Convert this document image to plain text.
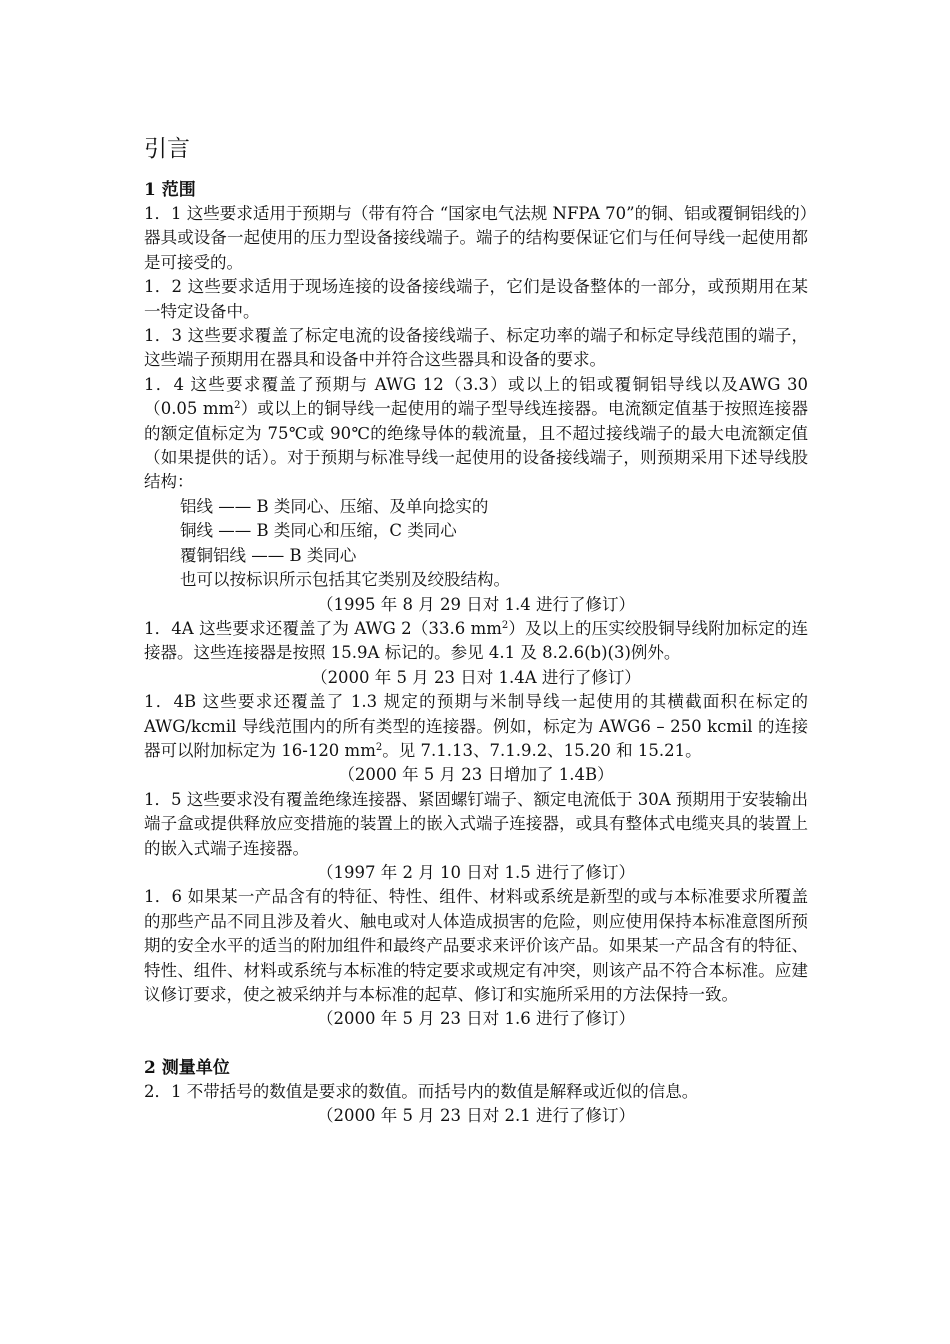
引言
1 范围

1．1 这些要求适用于预期与（带有符合 “国家电气法规 NFPA 70”的铜、铝或覆铜铝线的）器具或设备一起使用的压力型设备接线端子。端子的结构要保证它们与任何导线一起使用都是可接受的。

1．2 这些要求适用于现场连接的设备接线端子，它们是设备整体的一部分，或预期用在某一特定设备中。

1．3 这些要求覆盖了标定电流的设备接线端子、标定功率的端子和标定导线范围的端子，这些端子预期用在器具和设备中并符合这些器具和设备的要求。

1．4 这些要求覆盖了预期与 AWG 12（3.3）或以上的铝或覆铜铝导线以及AWG 30（0.05 $mm^2$）或以上的铜导线一起使用的端子型导线连接器。电流额定值基于按照连接器的额定值标定为 75℃或 90℃的绝缘导体的载流量，且不超过接线端子的最大电流额定值（如果提供的话）。对于预期与标准导线一起使用的设备接线端子，则预期采用下述导线股结构：

铝线 —— B 类同心、压缩、及单向捻实的

铜线 —— B 类同心和压缩，C 类同心

覆铜铝线 —— B 类同心

也可以按标识所示包括其它类别及绞股结构。

（1995 年 8 月 29 日对 1.4 进行了修订）

1．4A 这些要求还覆盖了为 AWG 2（33.6 $mm^2$）及以上的压实绞股铜导线附加标定的连接器。这些连接器是按照 15.9A 标记的。参见 4.1 及 8.2.6(b)(3)例外。

（2000 年 5 月 23 日对 1.4A 进行了修订）

1．4B 这些要求还覆盖了 1.3 规定的预期与米制导线一起使用的其横截面积在标定的 AWG/kcmil 导线范围内的所有类型的连接器。例如，标定为 AWG6 – 250 kcmil 的连接器可以附加标定为 16-120 $mm^2$。见 7.1.13、7.1.9.2、15.20 和 15.21。

（2000 年 5 月 23 日增加了 1.4B）

1．5 这些要求没有覆盖绝缘连接器、紧固螺钉端子、额定电流低于 30A 预期用于安装输出端子盒或提供释放应变措施的装置上的嵌入式端子连接器，或具有整体式电缆夹具的装置上的嵌入式端子连接器。

（1997 年 2 月 10 日对 1.5 进行了修订）

1．6 如果某一产品含有的特征、特性、组件、材料或系统是新型的或与本标准要求所覆盖的那些产品不同且涉及着火、触电或对人体造成损害的危险，则应使用保持本标准意图所预期的安全水平的适当的附加组件和最终产品要求来评价该产品。如果某一产品含有的特征、特性、组件、材料或系统与本标准的特定要求或规定有冲突，则该产品不符合本标准。应建议修订要求，使之被采纳并与本标准的起草、修订和实施所采用的方法保持一致。

（2000 年 5 月 23 日对 1.6 进行了修订）

2 测量单位

2．1 不带括号的数值是要求的数值。而括号内的数值是解释或近似的信息。

（2000 年 5 月 23 日对 2.1 进行了修订）
